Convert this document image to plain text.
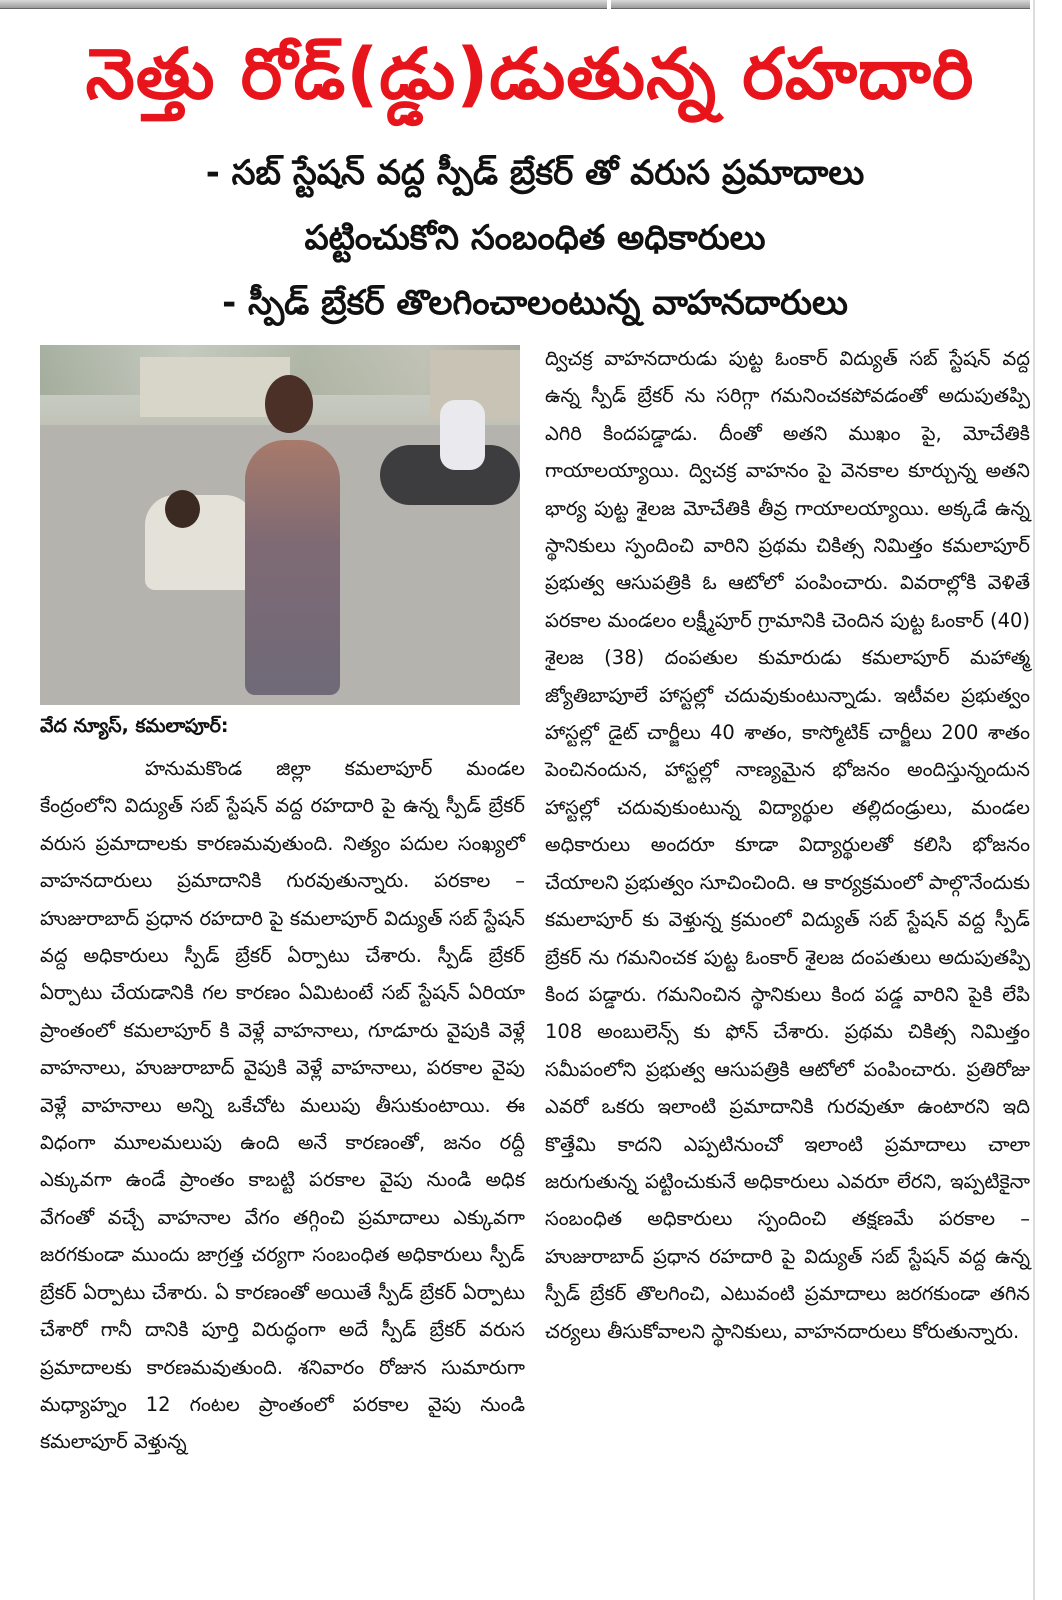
నెత్తు రోడ్(డ్డు)డుతున్న రహదారి
- సబ్ స్టేషన్ వద్ద స్పీడ్ బ్రేకర్ తో వరుస ప్రమాదాలు
పట్టించుకోని సంబంధిత అధికారులు
- స్పీడ్ బ్రేకర్ తొలగించాలంటున్న వాహనదారులు
వేద న్యూస్, కమలాపూర్:

హనుమకొండ జిల్లా కమలాపూర్ మండల కేంద్రంలోని విద్యుత్ సబ్ స్టేషన్ వద్ద రహదారి పై ఉన్న స్పీడ్ బ్రేకర్ వరుస ప్రమాదాలకు కారణమవుతుంది. నిత్యం పదుల సంఖ్యలో వాహనదారులు ప్రమాదానికి గురవుతున్నారు. పరకాల – హుజురాబాద్ ప్రధాన రహదారి పై కమలాపూర్ విద్యుత్ సబ్ స్టేషన్ వద్ద అధికారులు స్పీడ్ బ్రేకర్ ఏర్పాటు చేశారు. స్పీడ్ బ్రేకర్ ఏర్పాటు చేయడానికి గల కారణం ఏమిటంటే సబ్ స్టేషన్ ఏరియా ప్రాంతంలో కమలాపూర్ కి వెళ్లే వాహనాలు, గూడూరు వైపుకి వెళ్లే వాహనాలు, హుజురాబాద్ వైపుకి వెళ్లే వాహనాలు, పరకాల వైపు వెళ్లే వాహనాలు అన్ని ఒకేచోట మలుపు తీసుకుంటాయి. ఈ విధంగా మూలమలుపు ఉంది అనే కారణంతో, జనం రద్దీ ఎక్కువగా ఉండే ప్రాంతం కాబట్టి పరకాల వైపు నుండి అధిక వేగంతో వచ్చే వాహనాల వేగం తగ్గించి ప్రమాదాలు ఎక్కువగా జరగకుండా ముందు జాగ్రత్త చర్యగా సంబంధిత అధికారులు స్పీడ్ బ్రేకర్ ఏర్పాటు చేశారు. ఏ కారణంతో అయితే స్పీడ్ బ్రేకర్ ఏర్పాటు చేశారో గానీ దానికి పూర్తి విరుద్ధంగా అదే స్పీడ్ బ్రేకర్ వరుస ప్రమాదాలకు కారణమవుతుంది. శనివారం రోజున సుమారుగా మధ్యాహ్నం 12 గంటల ప్రాంతంలో పరకాల వైపు నుండి కమలాపూర్ వెళ్తున్న

ద్విచక్ర వాహనదారుడు పుట్ట ఓంకార్ విద్యుత్ సబ్ స్టేషన్ వద్ద ఉన్న స్పీడ్ బ్రేకర్ ను సరిగ్గా గమనించకపోవడంతో అదుపుతప్పి ఎగిరి కిందపడ్డాడు. దీంతో అతని ముఖం పై, మోచేతికి గాయాలయ్యాయి. ద్విచక్ర వాహనం పై వెనకాల కూర్చున్న అతని భార్య పుట్ట శైలజ మోచేతికి తీవ్ర గాయాలయ్యాయి. అక్కడే ఉన్న స్థానికులు స్పందించి వారిని ప్రథమ చికిత్స నిమిత్తం కమలాపూర్ ప్రభుత్వ ఆసుపత్రికి ఓ ఆటోలో పంపించారు. వివరాల్లోకి వెళితే పరకాల మండలం లక్ష్మీపూర్ గ్రామానికి చెందిన పుట్ట ఓంకార్ (40) శైలజ (38) దంపతుల కుమారుడు కమలాపూర్ మహాత్మ జ్యోతిబాపూలే హాస్టల్లో చదువుకుంటున్నాడు. ఇటీవల ప్రభుత్వం హాస్టల్లో డైట్ చార్జీలు 40 శాతం, కాస్మోటిక్ చార్జీలు 200 శాతం పెంచినందున, హాస్టల్లో నాణ్యమైన భోజనం అందిస్తున్నందున హాస్టల్లో చదువుకుంటున్న విద్యార్థుల తల్లిదండ్రులు, మండల అధికారులు అందరూ కూడా విద్యార్థులతో కలిసి భోజనం చేయాలని ప్రభుత్వం సూచించింది. ఆ కార్యక్రమంలో పాల్గొనేందుకు కమలాపూర్ కు వెళ్తున్న క్రమంలో విద్యుత్ సబ్ స్టేషన్ వద్ద స్పీడ్ బ్రేకర్ ను గమనించక పుట్ట ఓంకార్ శైలజ దంపతులు అదుపుతప్పి కింద పడ్డారు. గమనించిన స్థానికులు కింద పడ్డ వారిని పైకి లేపి 108 అంబులెన్స్ కు ఫోన్ చేశారు. ప్రథమ చికిత్స నిమిత్తం సమీపంలోని ప్రభుత్వ ఆసుపత్రికి ఆటోలో పంపించారు. ప్రతిరోజు ఎవరో ఒకరు ఇలాంటి ప్రమాదానికి గురవుతూ ఉంటారని ఇది కొత్తేమి కాదని ఎప్పటినుంచో ఇలాంటి ప్రమాదాలు చాలా జరుగుతున్న పట్టించుకునే అధికారులు ఎవరూ లేరని, ఇప్పటికైనా సంబంధిత అధికారులు స్పందించి తక్షణమే పరకాల – హుజురాబాద్ ప్రధాన రహదారి పై విద్యుత్ సబ్ స్టేషన్ వద్ద ఉన్న స్పీడ్ బ్రేకర్ తొలగించి, ఎటువంటి ప్రమాదాలు జరగకుండా తగిన చర్యలు తీసుకోవాలని స్థానికులు, వాహనదారులు కోరుతున్నారు.
